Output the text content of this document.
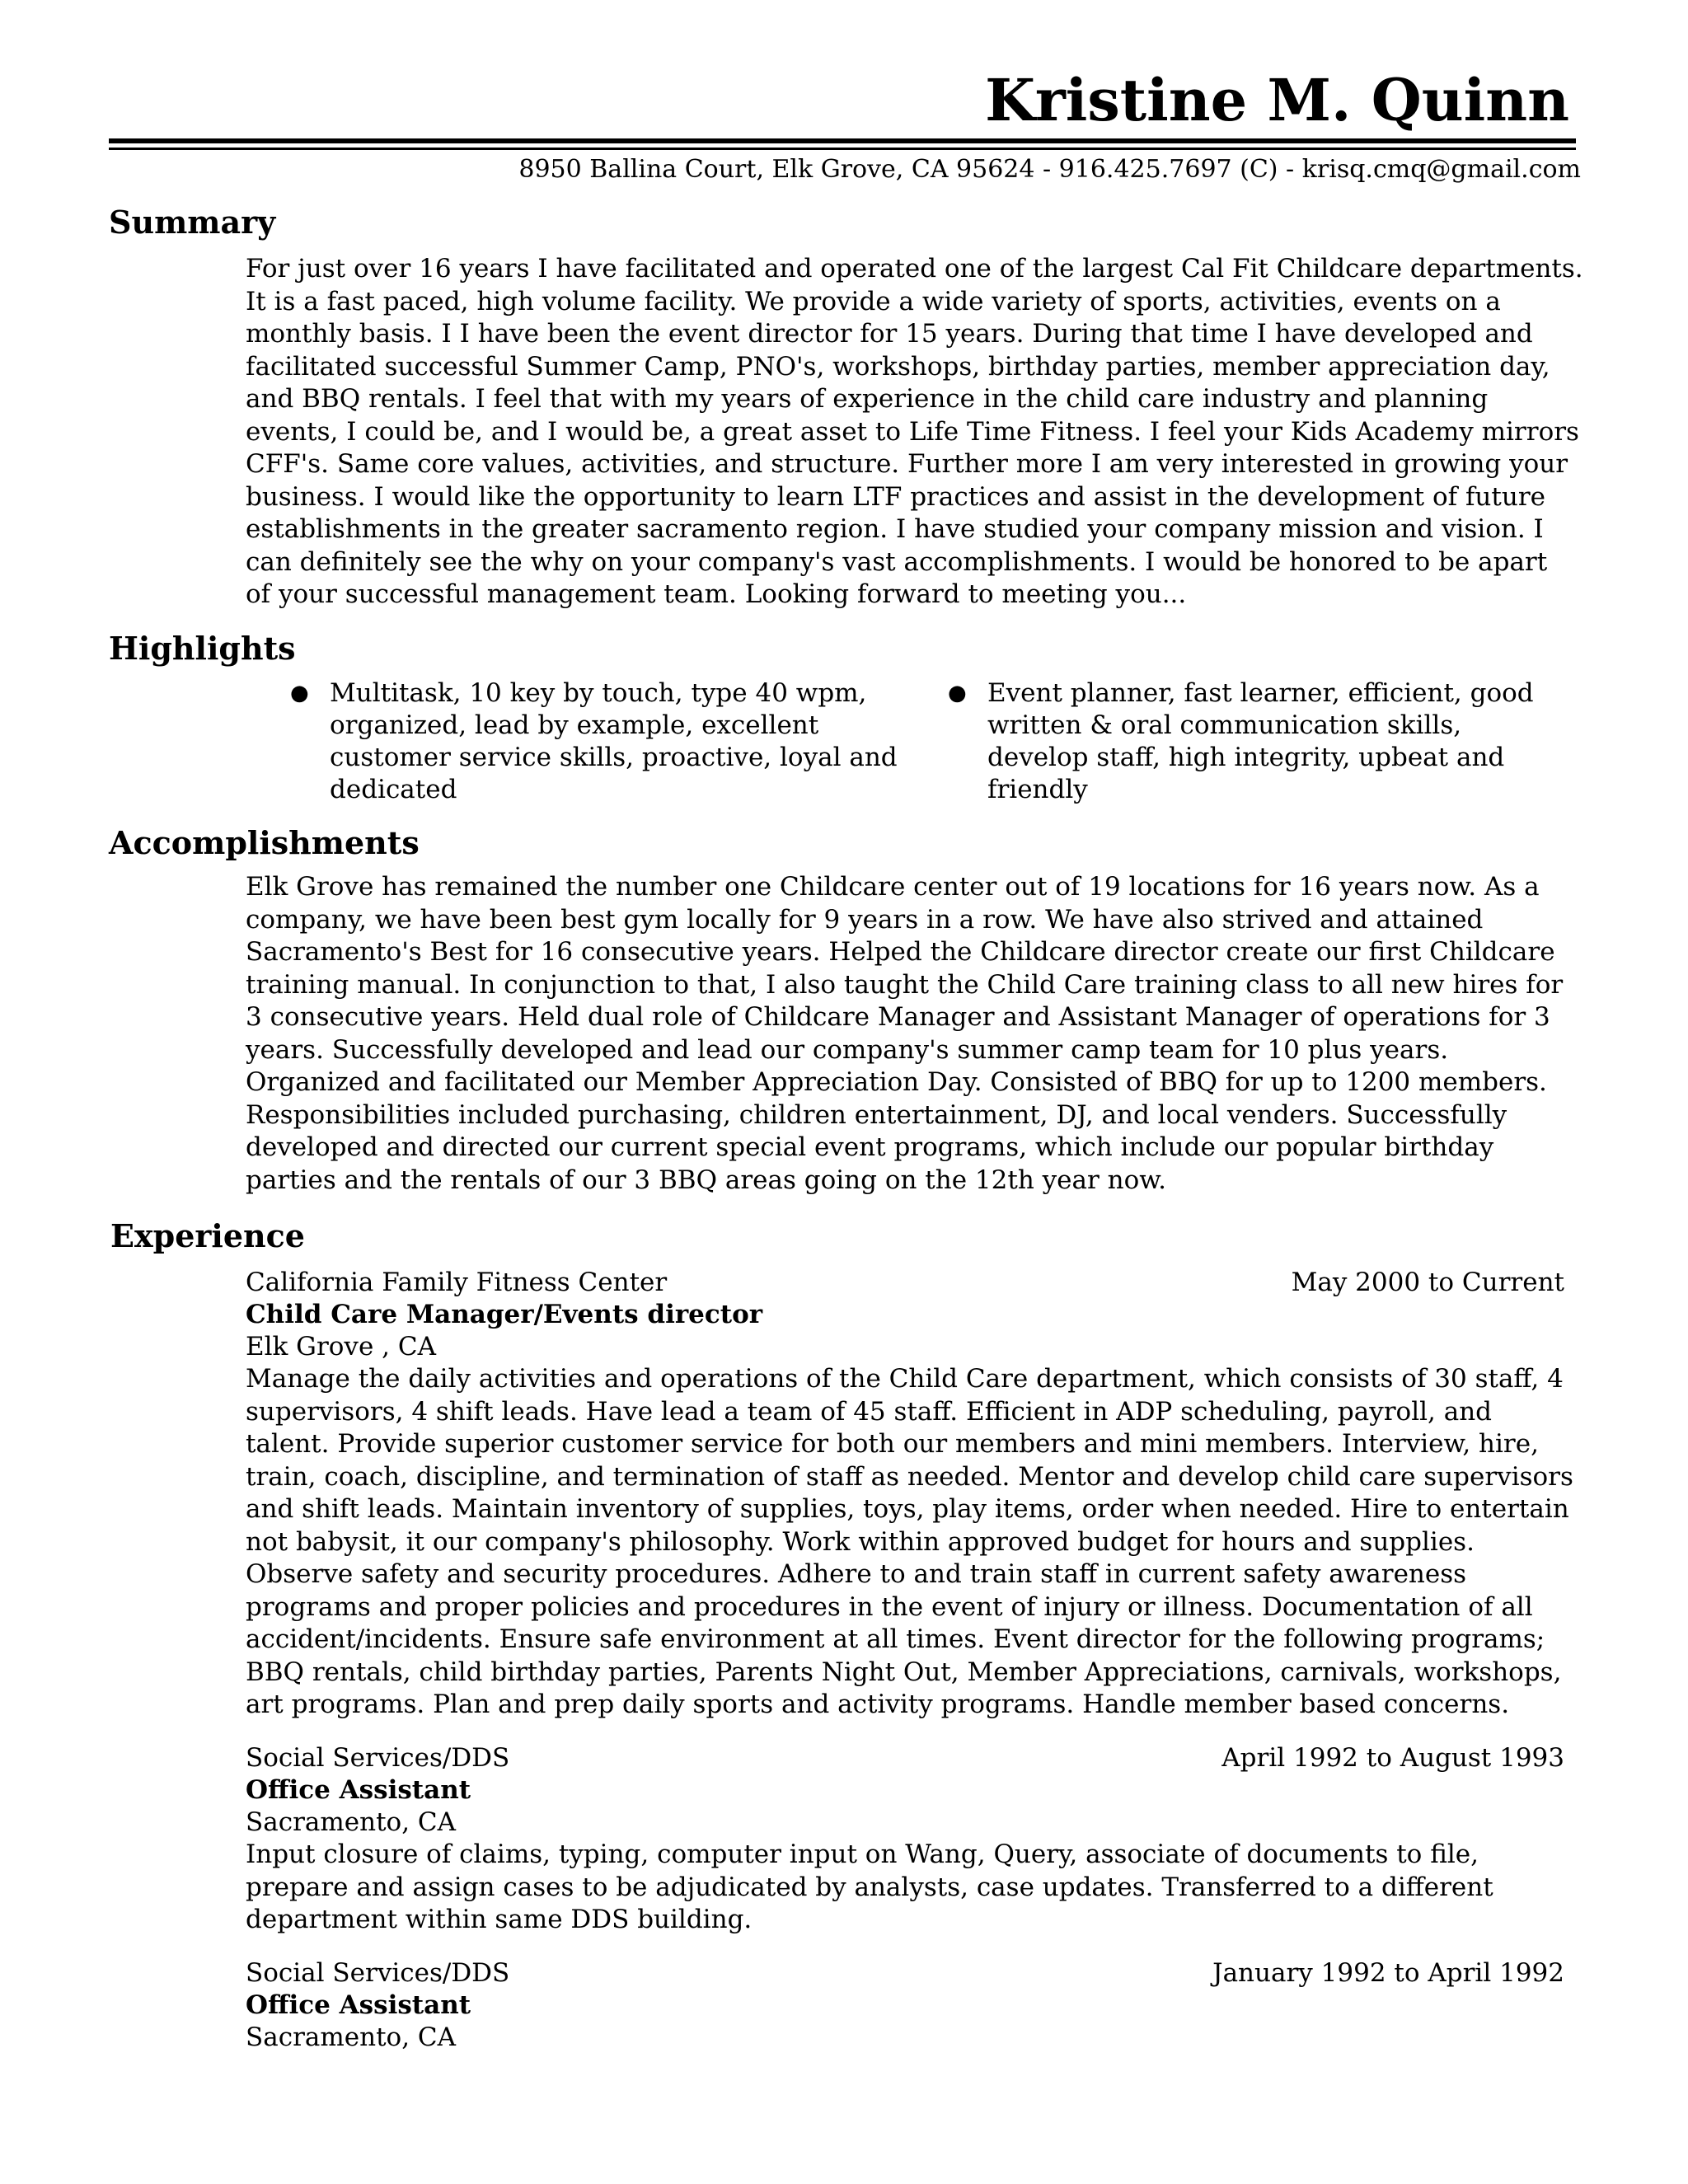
Kristine M. Quinn
8950 Ballina Court, Elk Grove, CA 95624 - 916.425.7697 (C) - krisq.cmq@gmail.com
Summary
For just over 16 years I have facilitated and operated one of the largest Cal Fit Childcare departments.
It is a fast paced, high volume facility. We provide a wide variety of sports, activities, events on a
monthly basis. I I have been the event director for 15 years. During that time I have developed and
facilitated successful Summer Camp, PNO's, workshops, birthday parties, member appreciation day,
and BBQ rentals. I feel that with my years of experience in the child care industry and planning
events, I could be, and I would be, a great asset to Life Time Fitness. I feel your Kids Academy mirrors
CFF's. Same core values, activities, and structure. Further more I am very interested in growing your
business. I would like the opportunity to learn LTF practices and assist in the development of future
establishments in the greater sacramento region. I have studied your company mission and vision. I
can definitely see the why on your company's vast accomplishments. I would be honored to be apart
of your successful management team. Looking forward to meeting you...
Highlights
● Multitask, 10 key by touch, type 40 wpm,
organized, lead by example, excellent
customer service skills, proactive, loyal and
dedicated
● Event planner, fast learner, efficient, good
written & oral communication skills,
develop staff, high integrity, upbeat and
friendly
Accomplishments
Elk Grove has remained the number one Childcare center out of 19 locations for 16 years now. As a
company, we have been best gym locally for 9 years in a row. We have also strived and attained
Sacramento's Best for 16 consecutive years. Helped the Childcare director create our first Childcare
training manual. In conjunction to that, I also taught the Child Care training class to all new hires for
3 consecutive years. Held dual role of Childcare Manager and Assistant Manager of operations for 3
years. Successfully developed and lead our company's summer camp team for 10 plus years.
Organized and facilitated our Member Appreciation Day. Consisted of BBQ for up to 1200 members.
Responsibilities included purchasing, children entertainment, DJ, and local venders. Successfully
developed and directed our current special event programs, which include our popular birthday
parties and the rentals of our 3 BBQ areas going on the 12th year now.
Experience
California Family Fitness Center	May 2000 to Current
Child Care Manager/Events director
Elk Grove , CA
Manage the daily activities and operations of the Child Care department, which consists of 30 staff, 4
supervisors, 4 shift leads. Have lead a team of 45 staff. Efficient in ADP scheduling, payroll, and
talent. Provide superior customer service for both our members and mini members. Interview, hire,
train, coach, discipline, and termination of staff as needed. Mentor and develop child care supervisors
and shift leads. Maintain inventory of supplies, toys, play items, order when needed. Hire to entertain
not babysit, it our company's philosophy. Work within approved budget for hours and supplies.
Observe safety and security procedures. Adhere to and train staff in current safety awareness
programs and proper policies and procedures in the event of injury or illness. Documentation of all
accident/incidents. Ensure safe environment at all times. Event director for the following programs;
BBQ rentals, child birthday parties, Parents Night Out, Member Appreciations, carnivals, workshops,
art programs. Plan and prep daily sports and activity programs. Handle member based concerns.
Social Services/DDS	April 1992 to August 1993
Office Assistant
Sacramento, CA
Input closure of claims, typing, computer input on Wang, Query, associate of documents to file,
prepare and assign cases to be adjudicated by analysts, case updates. Transferred to a different
department within same DDS building.
Social Services/DDS	January 1992 to April 1992
Office Assistant
Sacramento, CA
